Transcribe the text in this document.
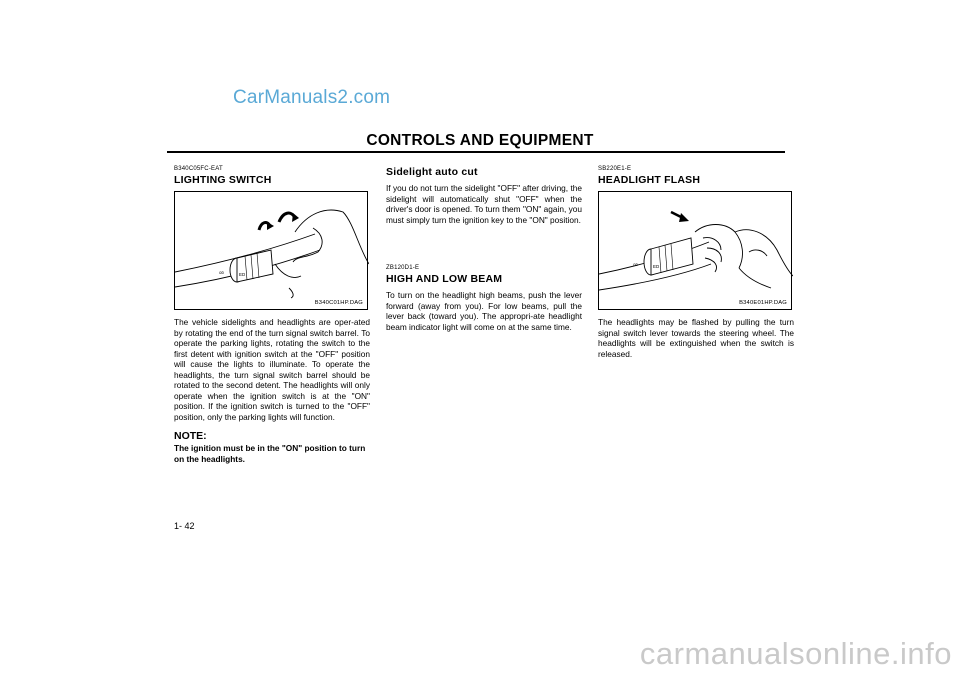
CarManuals2.com
CONTROLS AND EQUIPMENT

B340C05FC-EAT

LIGHTING SWITCH

ᴏᴅ	ED
B340C01HP.DAG

The vehicle sidelights and headlights are oper-ated by rotating the end of the turn signal switch barrel. To operate the parking lights, rotating the switch to the first detent with ignition switch at the "OFF" position will cause the lights to illuminate. To operate the headlights, the turn signal switch barrel should be rotated to the second detent. The headlights will only operate when the ignition switch is at the "ON" position. If the ignition switch is turned to the "OFF" position, only the parking lights will function.

NOTE:

The ignition must be in the "ON" position to turn on the headlights.

Sidelight auto cut

If you do not turn the sidelight "OFF" after driving, the sidelight will automatically shut "OFF" when the driver's door is opened. To turn them "ON" again, you must simply turn the ignition key to the "ON" position.

ZB120D1-E

HIGH AND LOW BEAM

To turn on the headlight high beams, push the lever forward (away from you). For low beams, pull the lever back (toward you). The appropri-ate headlight beam indicator light will come on at the same time.

SB220E1-E

HEADLIGHT FLASH

ᴏᴅ	ED
B340E01HP.DAG

The headlights may be flashed by pulling the turn signal switch lever towards the steering wheel. The headlights will be extinguished when the switch is released.

1- 42
carmanualsonline.info
